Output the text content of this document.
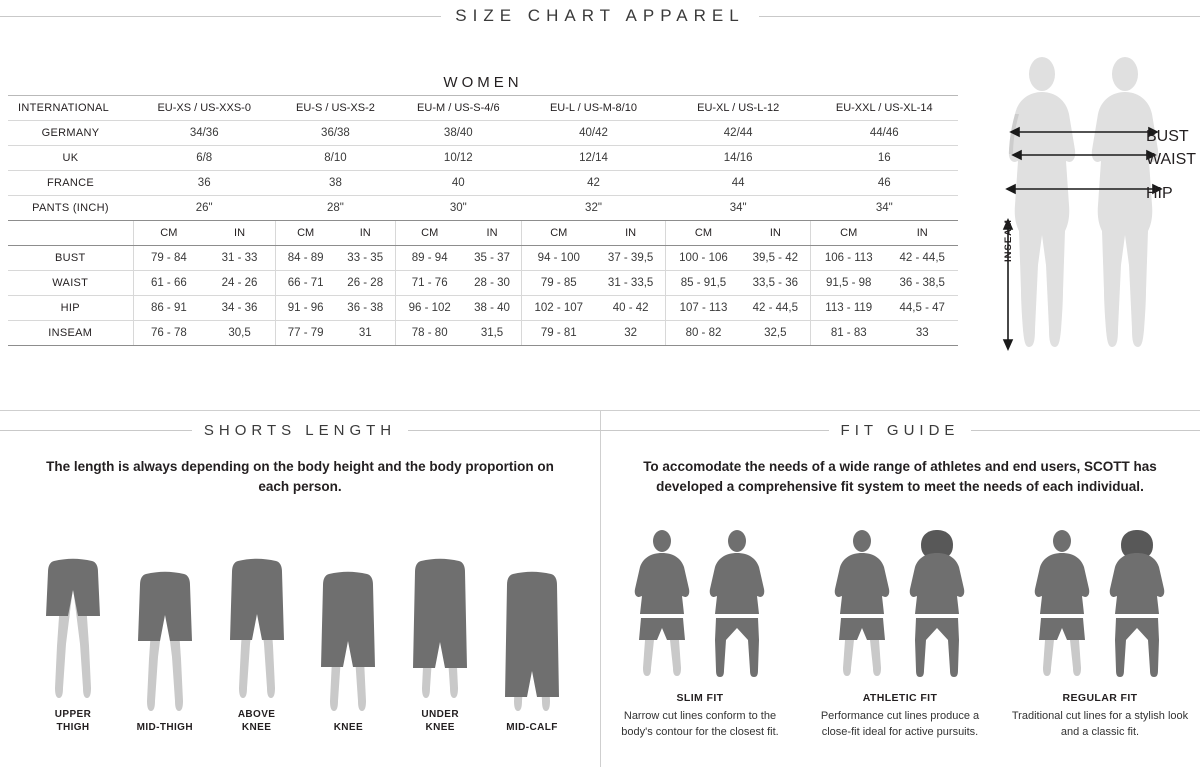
SIZE CHART APPAREL
WOMEN												
INTERNATIONAL	EU-XS / US-XXS-0		EU-S / US-XS-2		EU-M / US-S-4/6		EU-L / US-M-8/10		EU-XL / US-L-12		EU-XXL / US-XL-14	
GERMANY	34/36		36/38		38/40		40/42		42/44		44/46	
UK	6/8		8/10		10/12		12/14		14/16		16	
FRANCE	36		38		40		42		44		46	
PANTS (INCH)	26"		28"		30"		32"		34"		34"	
	CM	IN	CM	IN	CM	IN	CM	IN	CM	IN	CM	IN
BUST	79 - 84	31 - 33	84 - 89	33 - 35	89 - 94	35 - 37	94 - 100	37 - 39,5	100 - 106	39,5 - 42	106 - 113	42 - 44,5
WAIST	61 - 66	24 - 26	66 - 71	26 - 28	71 - 76	28 - 30	79 - 85	31 - 33,5	85 - 91,5	33,5 - 36	91,5 - 98	36 - 38,5
HIP	86 - 91	34 - 36	91 - 96	36 - 38	96 - 102	38 - 40	102 - 107	40 - 42	107 - 113	42 - 44,5	113 - 119	44,5 - 47
INSEAM	76 - 78	30,5	77 - 79	31	78 - 80	31,5	79 - 81	32	80 - 82	32,5	81 - 83	33
BUST
WAIST
HIP
INSEAM
SHORTS LENGTH
The length is always depending on the body height and the body proportion on each person.
UPPER
THIGH	MID-THIGH
ABOVE
KNEE	KNEE
UNDER
KNEE	MID-CALF
FIT GUIDE
To accomodate the needs of a wide range of athletes and end users, SCOTT has developed a comprehensive fit system to meet the needs of each individual.
SLIM FIT
Narrow cut lines conform to the body's contour for the closest fit.
ATHLETIC FIT
Performance cut lines produce a close-fit ideal for active pursuits.
REGULAR FIT
Traditional cut lines for a stylish look and a classic fit.
